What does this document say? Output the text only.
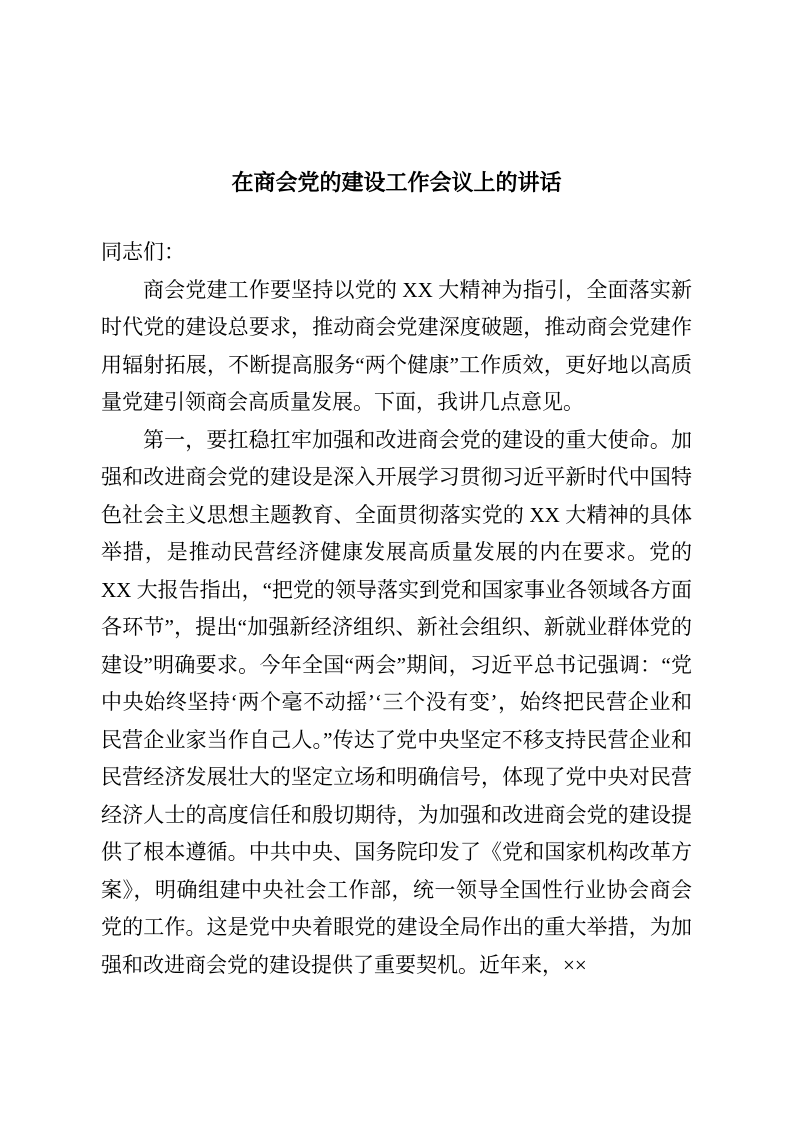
在商会党的建设工作会议上的讲话

同志们：

商会党建工作要坚持以党的 XX 大精神为指引，全面落实新时代党的建设总要求，推动商会党建深度破题，推动商会党建作用辐射拓展，不断提高服务“两个健康”工作质效，更好地以高质量党建引领商会高质量发展。下面，我讲几点意见。

第一，要扛稳扛牢加强和改进商会党的建设的重大使命。加强和改进商会党的建设是深入开展学习贯彻习近平新时代中国特色社会主义思想主题教育、全面贯彻落实党的 XX 大精神的具体举措，是推动民营经济健康发展高质量发展的内在要求。党的 XX 大报告指出，“把党的领导落实到党和国家事业各领域各方面各环节”，提出“加强新经济组织、新社会组织、新就业群体党的建设”明确要求。今年全国“两会”期间，习近平总书记强调：“党中央始终坚持‘两个毫不动摇’‘三个没有变’，始终把民营企业和民营企业家当作自己人。”传达了党中央坚定不移支持民营企业和民营经济发展壮大的坚定立场和明确信号，体现了党中央对民营经济人士的高度信任和殷切期待，为加强和改进商会党的建设提供了根本遵循。中共中央、国务院印发了《党和国家机构改革方案》，明确组建中央社会工作部，统一领导全国性行业协会商会党的工作。这是党中央着眼党的建设全局作出的重大举措，为加强和改进商会党的建设提供了重要契机。近年来，××
